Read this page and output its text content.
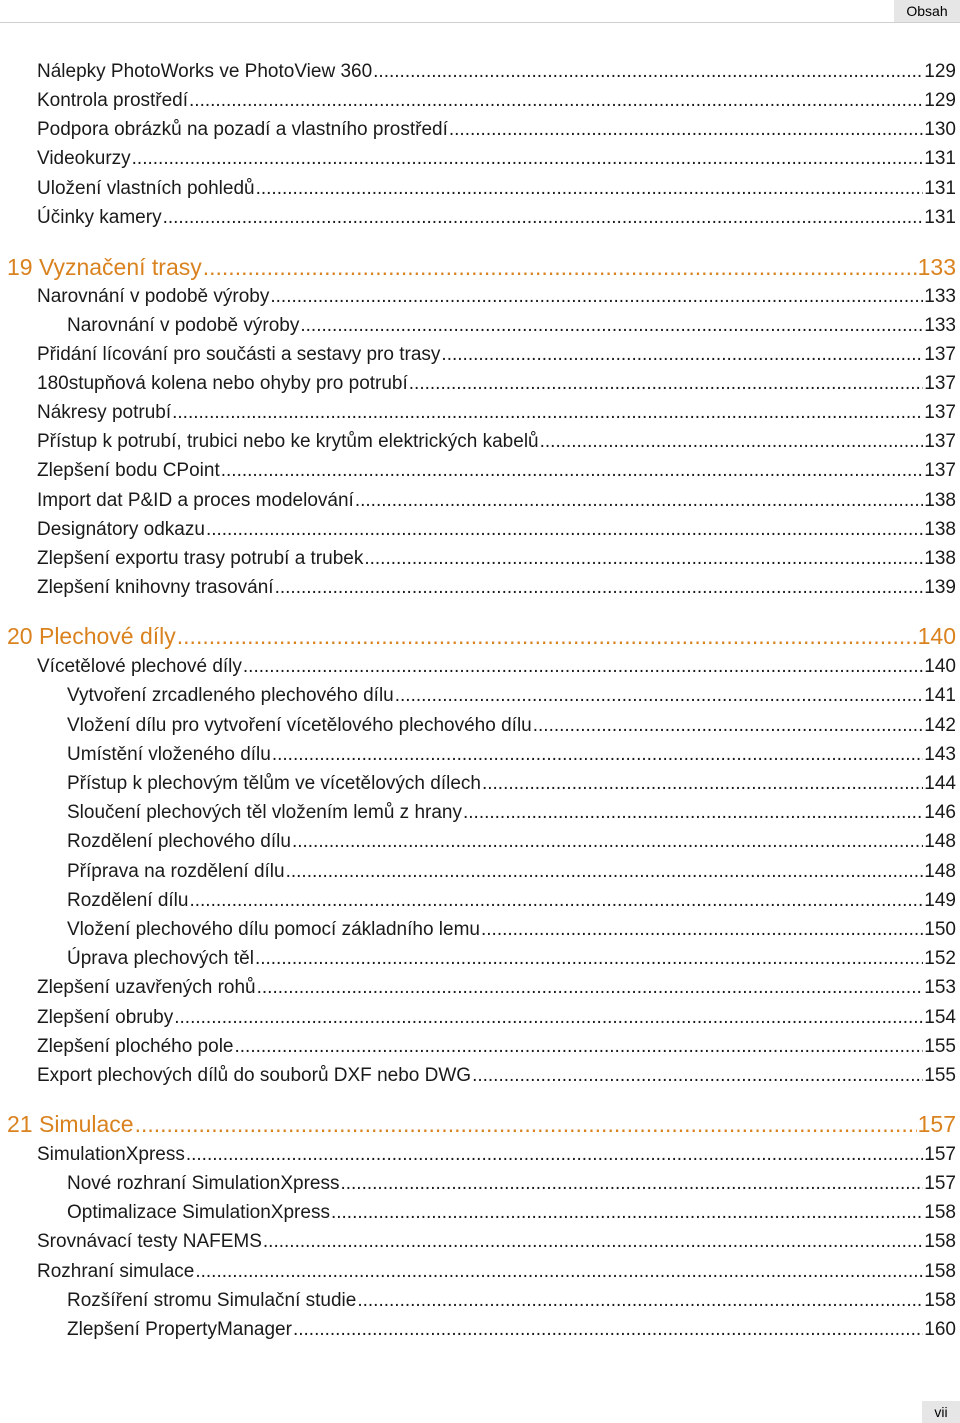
Obsah
Nálepky PhotoWorks ve PhotoView 360 .....	129
Kontrola prostředí .....	129
Podpora obrázků na pozadí a vlastního prostředí .....	130
Videokurzy .....	131
Uložení vlastních pohledů .....	131
Účinky kamery .....	131
19 Vyznačení trasy .....	133
Narovnání v podobě výroby .....	133
Narovnání v podobě výroby .....	133
Přidání lícování pro součásti a sestavy pro trasy .....	137
180stupňová kolena nebo ohyby pro potrubí .....	137
Nákresy potrubí .....	137
Přístup k potrubí, trubici nebo ke krytům elektrických kabelů .....	137
Zlepšení bodu CPoint .....	137
Import dat P&ID a proces modelování .....	138
Designátory odkazu .....	138
Zlepšení exportu trasy potrubí a trubek .....	138
Zlepšení knihovny trasování .....	139
20 Plechové díly .....	140
Vícetělové plechové díly .....	140
Vytvoření zrcadleného plechového dílu .....	141
Vložení dílu pro vytvoření vícetělového plechového dílu .....	142
Umístění vloženého dílu .....	143
Přístup k plechovým tělům ve vícetělových dílech .....	144
Sloučení plechových těl vložením lemů z hrany .....	146
Rozdělení plechového dílu .....	148
Příprava na rozdělení dílu .....	148
Rozdělení dílu .....	149
Vložení plechového dílu pomocí základního lemu .....	150
Úprava plechových těl .....	152
Zlepšení uzavřených rohů .....	153
Zlepšení obruby .....	154
Zlepšení plochého pole .....	155
Export plechových dílů do souborů DXF nebo DWG .....	155
21 Simulace .....	157
SimulationXpress .....	157
Nové rozhraní SimulationXpress .....	157
Optimalizace SimulationXpress .....	158
Srovnávací testy NAFEMS .....	158
Rozhraní simulace .....	158
Rozšíření stromu Simulační studie .....	158
Zlepšení PropertyManager .....	160
vii
